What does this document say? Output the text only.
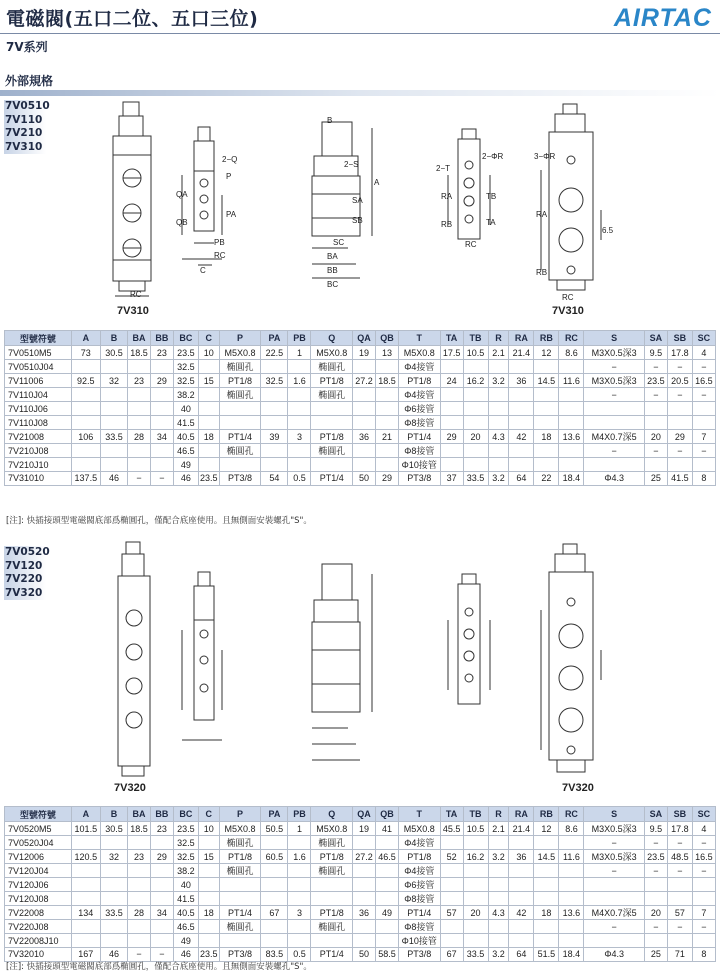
電磁閥(五口二位、五口三位)	AIRTAC
7V系列
外部規格
7V0510
7V110
7V210
7V310
7V310
RC
2−Q
P
QA
QB
PA
PB
RC
C
B
2−S
A
SA
SB
SC
BA
BB
BC
2−T
2−ΦR
RA
RB
TB
TA
RC
3−ΦR
RA
RB
6.5
RC
7V310
型號符號	A	B	BA	BB	BC	C	P	PA	PB	Q	QA	QB	T	TA	TB	R	RA	RB	RC	S	SA	SB	SC
7V0510M5	73	30.5	18.5	23	23.5	10	M5X0.8	22.5	1	M5X0.8	19	13	M5X0.8	17.5	10.5	2.1	21.4	12	8.6	M3X0.5深3	9.5	17.8	4
7V0510J04					32.5		椭圓孔			椭圓孔			Φ4接管							−	−	−	−
7V11006	92.5	32	23	29	32.5	15	PT1/8	32.5	1.6	PT1/8	27.2	18.5	PT1/8	24	16.2	3.2	36	14.5	11.6	M3X0.5深3	23.5	20.5	16.5
7V110J04					38.2		椭圓孔			椭圓孔			Φ4接管							−	−	−	−
7V110J06					40								Φ6接管										
7V110J08					41.5								Φ8接管										
7V21008	106	33.5	28	34	40.5	18	PT1/4	39	3	PT1/8	36	21	PT1/4	29	20	4.3	42	18	13.6	M4X0.7深5	20	29	7
7V210J08					46.5		椭圓孔			椭圓孔			Φ8接管							−	−	−	−
7V210J10					49								Φ10接管										
7V31010	137.5	46	−	−	46	23.5	PT3/8	54	0.5	PT1/4	50	29	PT3/8	37	33.5	3.2	64	22	18.4	Φ4.3	25	41.5	8
[注]: 快插接頭型電磁閥底部爲椭圓孔，僅配合底座使用。且無側面安裝螺孔"S"。
7V0520
7V120
7V220
7V320
7V320	7V320
型號符號	A	B	BA	BB	BC	C	P	PA	PB	Q	QA	QB	T	TA	TB	R	RA	RB	RC	S	SA	SB	SC
7V0520M5	101.5	30.5	18.5	23	23.5	10	M5X0.8	50.5	1	M5X0.8	19	41	M5X0.8	45.5	10.5	2.1	21.4	12	8.6	M3X0.5深3	9.5	17.8	4
7V0520J04					32.5		椭圓孔			椭圓孔			Φ4接管							−	−	−	−
7V12006	120.5	32	23	29	32.5	15	PT1/8	60.5	1.6	PT1/8	27.2	46.5	PT1/8	52	16.2	3.2	36	14.5	11.6	M3X0.5深3	23.5	48.5	16.5
7V120J04					38.2		椭圓孔			椭圓孔			Φ4接管							−	−	−	−
7V120J06					40								Φ6接管										
7V120J08					41.5								Φ8接管										
7V22008	134	33.5	28	34	40.5	18	PT1/4	67	3	PT1/8	36	49	PT1/4	57	20	4.3	42	18	13.6	M4X0.7深5	20	57	7
7V220J08					46.5		椭圓孔			椭圓孔			Φ8接管							−	−	−	−
7V22008J10					49								Φ10接管										
7V32010	167	46	−	−	46	23.5	PT3/8	83.5	0.5	PT1/4	50	58.5	PT3/8	67	33.5	3.2	64	51.5	18.4	Φ4.3	25	71	8
[注]: 快插接頭型電磁閥底部爲椭圓孔，僅配合底座使用。且無側面安裝螺孔"S"。
